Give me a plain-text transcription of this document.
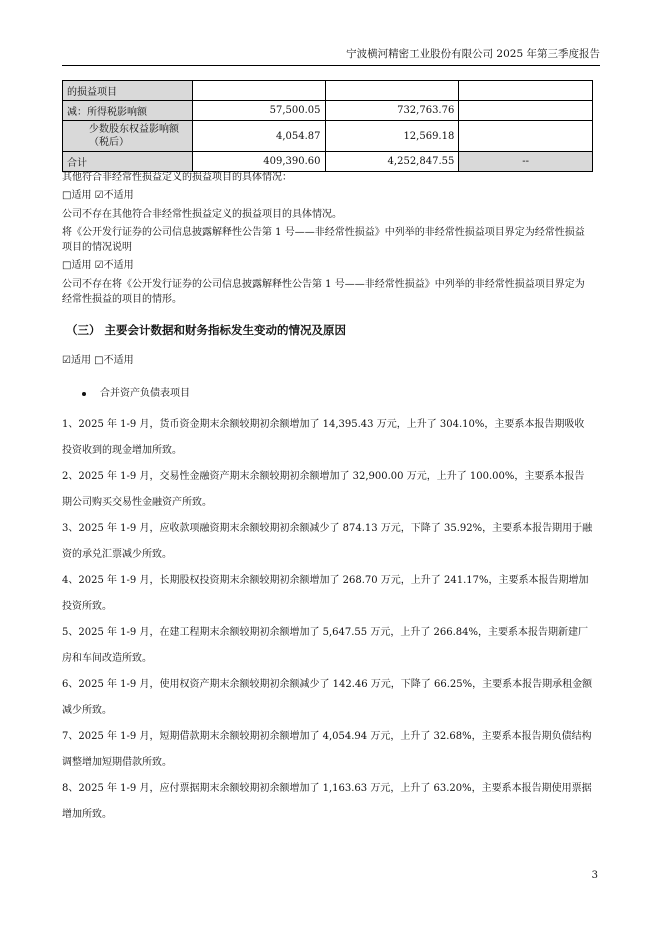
宁波横河精密工业股份有限公司 2025 年第三季度报告
的损益项目			
减：所得税影响额	57,500.05	732,763.76	
少数股东权益影响额（税后）	4,054.87	12,569.18	
合计	409,390.60	4,252,847.55	--
其他符合非经常性损益定义的损益项目的具体情况：
□适用 ☑不适用
公司不存在其他符合非经常性损益定义的损益项目的具体情况。
将《公开发行证券的公司信息披露解释性公告第 1 号——非经常性损益》中列举的非经常性损益项目界定为经常性损益项目的情况说明
□适用 ☑不适用
公司不存在将《公开发行证券的公司信息披露解释性公告第 1 号——非经常性损益》中列举的非经常性损益项目界定为经常性损益的项目的情形。
（三） 主要会计数据和财务指标发生变动的情况及原因
☑适用 □不适用
合并资产负债表项目
1、2025 年 1-9 月，货币资金期末余额较期初余额增加了 14,395.43 万元，上升了 304.10%，主要系本报告期吸收投资收到的现金增加所致。
2、2025 年 1-9 月，交易性金融资产期末余额较期初余额增加了 32,900.00 万元，上升了 100.00%，主要系本报告期公司购买交易性金融资产所致。
3、2025 年 1-9 月，应收款项融资期末余额较期初余额减少了 874.13 万元，下降了 35.92%，主要系本报告期用于融资的承兑汇票减少所致。
4、2025 年 1-9 月，长期股权投资期末余额较期初余额增加了 268.70 万元，上升了 241.17%，主要系本报告期增加投资所致。
5、2025 年 1-9 月，在建工程期末余额较期初余额增加了 5,647.55 万元，上升了 266.84%，主要系本报告期新建厂房和车间改造所致。
6、2025 年 1-9 月，使用权资产期末余额较期初余额减少了 142.46 万元，下降了 66.25%，主要系本报告期承租金额减少所致。
7、2025 年 1-9 月，短期借款期末余额较期初余额增加了 4,054.94 万元，上升了 32.68%，主要系本报告期负债结构调整增加短期借款所致。
8、2025 年 1-9 月，应付票据期末余额较期初余额增加了 1,163.63 万元，上升了 63.20%，主要系本报告期使用票据增加所致。
3
